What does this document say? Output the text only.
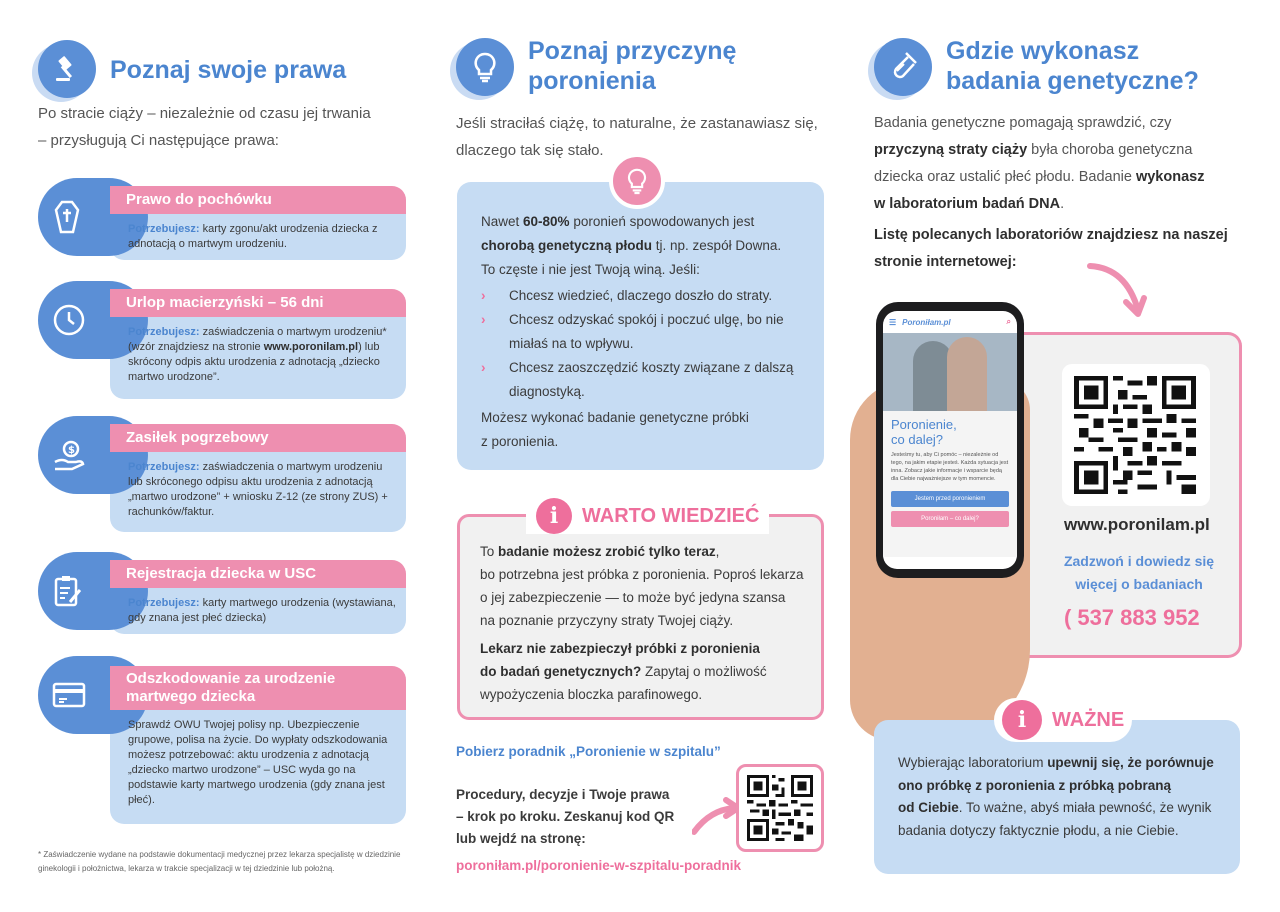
Poznaj swoje prawa
Po stracie ciąży – niezależnie od czasu jej trwania
– przysługują Ci następujące prawa:
Prawo do pochówku
Potrzebujesz: karty zgonu/akt urodzenia dziecka z adnotacją o martwym urodzeniu.
Urlop macierzyński – 56 dni
Potrzebujesz: zaświadczenia o martwym urodzeniu* (wzór znajdziesz na stronie www.poronilam.pl) lub skrócony odpis aktu urodzenia z adnotacją „dziecko martwo urodzone”.
$
Zasiłek pogrzebowy
Potrzebujesz: zaświadczenia o martwym urodzeniu lub skróconego odpisu aktu urodzenia z adnotacją „martwo urodzone” + wniosku Z-12 (ze strony ZUS) + rachunków/faktur.
Rejestracja dziecka w USC
Potrzebujesz: karty martwego urodzenia (wystawiana, gdy znana jest płeć dziecka)
Odszkodowanie za urodzenie martwego dziecka
Sprawdź OWU Twojej polisy np. Ubezpieczenie grupowe, polisa na życie. Do wypłaty odszkodowania możesz potrzebować: aktu urodzenia z adnotacją „dziecko martwo urodzone” – USC wyda go na podstawie karty martwego urodzenia (gdy znana jest płeć).
* Zaświadczenie wydane na podstawie dokumentacji medycznej przez lekarza specjalistę w dziedzinie ginekologii i położnictwa, lekarza w trakcie specjalizacji w tej dziedzinie lub położną.
Poznaj przyczynę
poronienia
Jeśli straciłaś ciążę, to naturalne, że zastanawiasz się,
dlaczego tak się stało.
Nawet 60-80% poronień spowodowanych jest
chorobą genetyczną płodu tj. np. zespół Downa.
To częste i nie jest Twoją winą. Jeśli:
›	Chcesz wiedzieć, dlaczego doszło do straty.
›	Chcesz odzyskać spokój i poczuć ulgę, bo nie miałaś na to wpływu.
›	Chcesz zaoszczędzić koszty związane z dalszą diagnostyką.
Możesz wykonać badanie genetyczne próbki
z poronienia.
i	WARTO WIEDZIEĆ
To badanie możesz zrobić tylko teraz,
bo potrzebna jest próbka z poronienia. Poproś lekarza
o jej zabezpieczenie — to może być jedyna szansa
na poznanie przyczyny straty Twojej ciąży.
Lekarz nie zabezpieczył próbki z poronienia
do badań genetycznych? Zapytaj o możliwość
wypożyczenia bloczka parafinowego.
Pobierz poradnik „Poronienie w szpitalu”
Procedury, decyzje i Twoje prawa
– krok po kroku. Zeskanuj kod QR
lub wejdź na stronę:
poroniłam.pl/poronienie-w-szpitalu-poradnik
Gdzie wykonasz
badania genetyczne?
Badania genetyczne pomagają sprawdzić, czy
przyczyną straty ciąży była choroba genetyczna
dziecka oraz ustalić płeć płodu. Badanie wykonasz
w laboratorium badań DNA.
Listę polecanych laboratoriów znajdziesz na naszej
stronie internetowej:
www.poronilam.pl
Zadzwoń i dowiedz się
więcej o badaniach
( 537 883 952
☰ Poroniłam.pl	⌕
Poronienie,
co dalej?
Jesteśmy tu, aby Ci pomóc – niezależnie od tego, na jakim etapie jesteś. Każda sytuacja jest inna. Zobacz jakie informacje i wsparcie będą dla Ciebie najważniejsze w tym momencie.
Jestem przed poronieniem
Poroniłam – co dalej?
i	WAŻNE
Wybierając laboratorium upewnij się, że porównuje
ono próbkę z poronienia z próbką pobraną
od Ciebie. To ważne, abyś miała pewność, że wynik
badania dotyczy faktycznie płodu, a nie Ciebie.
